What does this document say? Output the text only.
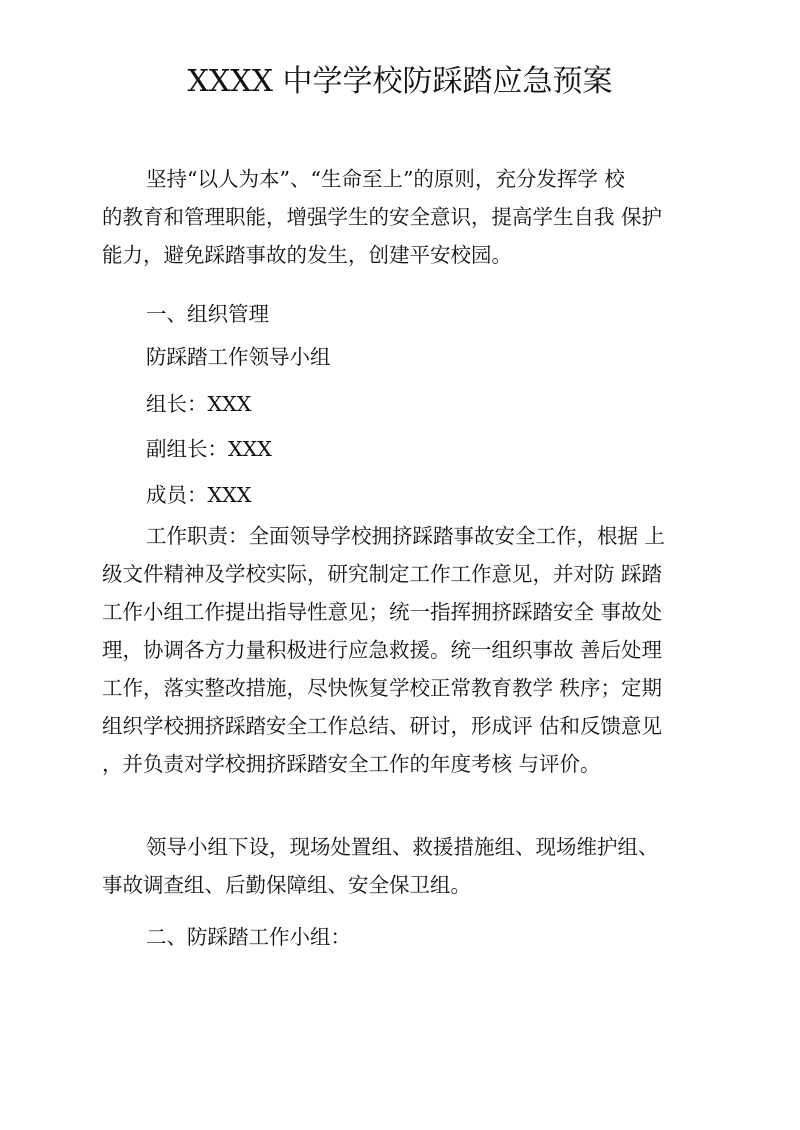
XXXX 中学学校防踩踏应急预案
坚持“以人为本”、“生命至上”的原则，充分发挥学 校
的教育和管理职能，增强学生的安全意识，提高学生自我 保护
能力，避免踩踏事故的发生，创建平安校园。
一、组织管理
防踩踏工作领导小组
组长：XXX
副组长：XXX
成员：XXX
工作职责：全面领导学校拥挤踩踏事故安全工作，根据 上
级文件精神及学校实际，研究制定工作工作意见，并对防 踩踏
工作小组工作提出指导性意见；统一指挥拥挤踩踏安全 事故处
理，协调各方力量积极进行应急救援。统一组织事故 善后处理
工作，落实整改措施，尽快恢复学校正常教育教学 秩序；定期
组织学校拥挤踩踏安全工作总结、研讨，形成评 估和反馈意见
，并负责对学校拥挤踩踏安全工作的年度考核 与评价。
领导小组下设，现场处置组、救援措施组、现场维护组、
事故调查组、后勤保障组、安全保卫组。
二、防踩踏工作小组：
